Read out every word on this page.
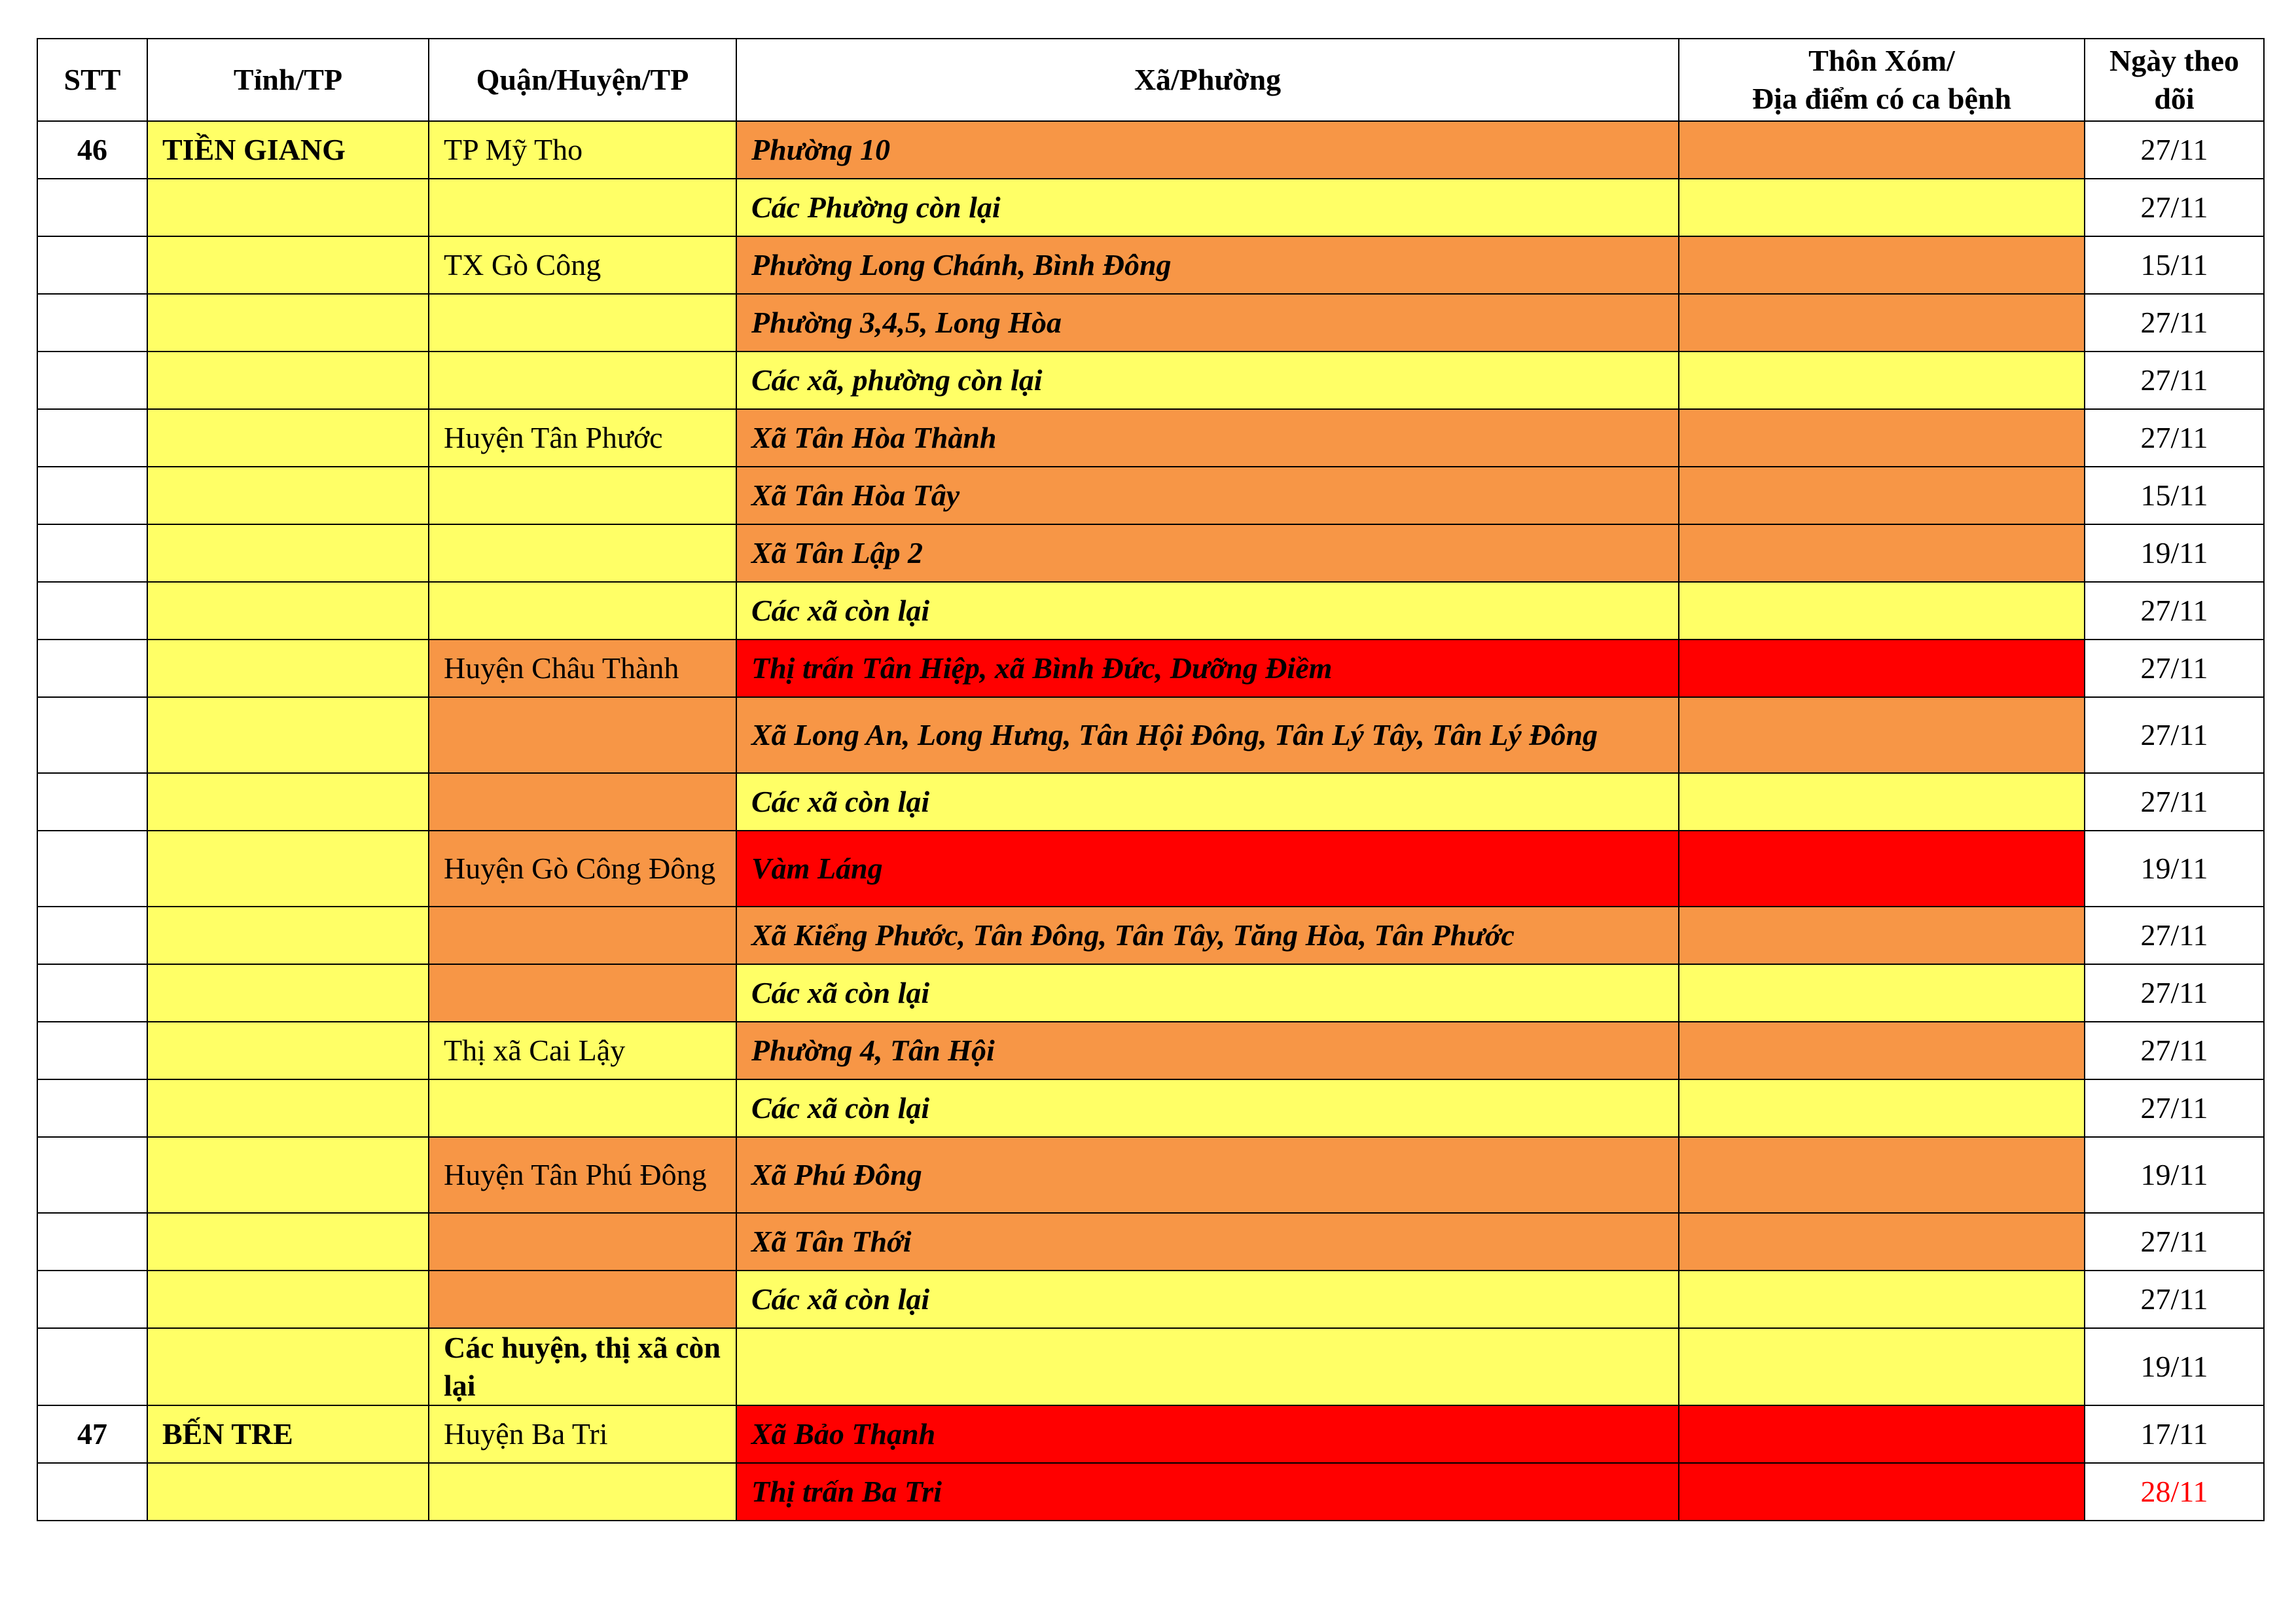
STT	Tỉnh/TP	Quận/Huyện/TP	Xã/Phường	Thôn Xóm/
Địa điểm có ca bệnh	Ngày theo dõi
46	TIỀN GIANG	TP Mỹ Tho	Phường 10		27/11
			Các Phường còn lại		27/11
		TX Gò Công	Phường Long Chánh, Bình Đông		15/11
			Phường 3,4,5, Long Hòa		27/11
			Các xã, phường còn lại		27/11
		Huyện Tân Phước	Xã Tân Hòa Thành		27/11
			Xã Tân Hòa Tây		15/11
			Xã Tân Lập 2		19/11
			Các xã còn lại		27/11
		Huyện Châu Thành	Thị trấn Tân Hiệp, xã Bình Đức, Dưỡng Điềm		27/11
			Xã Long An, Long Hưng, Tân Hội Đông, Tân Lý Tây, Tân Lý Đông		27/11
			Các xã còn lại		27/11
		Huyện Gò Công Đông	Vàm Láng		19/11
			Xã Kiểng Phước, Tân Đông, Tân Tây, Tăng Hòa, Tân Phước		27/11
			Các xã còn lại		27/11
		Thị xã Cai Lậy	Phường 4, Tân Hội		27/11
			Các xã còn lại		27/11
		Huyện Tân Phú Đông	Xã Phú Đông		19/11
			Xã Tân Thới		27/11
			Các xã còn lại		27/11
		Các huyện, thị xã còn lại			19/11
47	BẾN TRE	Huyện Ba Tri	Xã Bảo Thạnh		17/11
			Thị trấn Ba Tri		28/11
